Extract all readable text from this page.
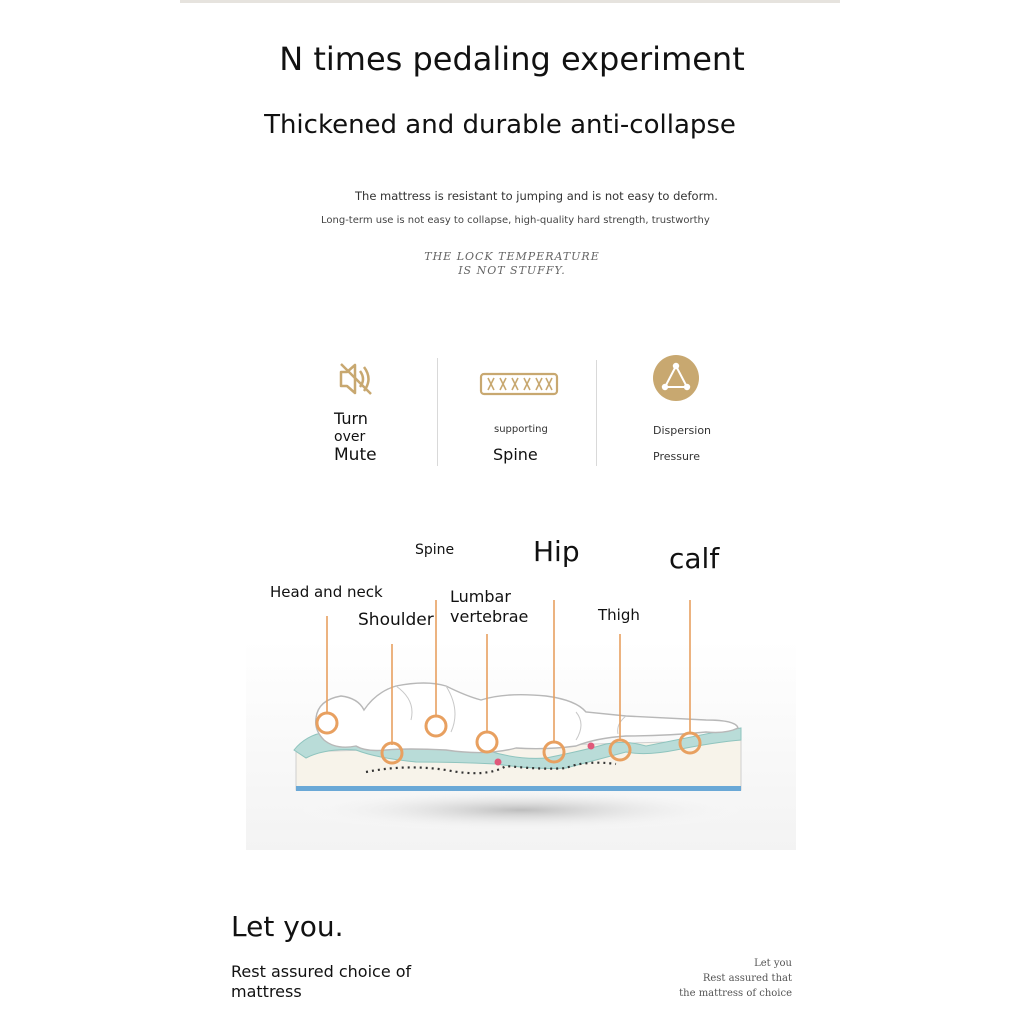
N times pedaling experiment
Thickened and durable anti-collapse
The mattress is resistant to jumping and is not easy to deform.
Long-term use is not easy to collapse, high-quality hard strength, trustworthy
THE LOCK TEMPERATURE
IS NOT STUFFY.
Turn
over
Mute
supporting
Spine
Dispersion
Pressure
Head and neck
Shoulder
Spine
Lumbar
vertebrae
Hip
Thigh
calf
Let you.
Rest assured choice of mattress
Let you
Rest assured that
the mattress of choice
